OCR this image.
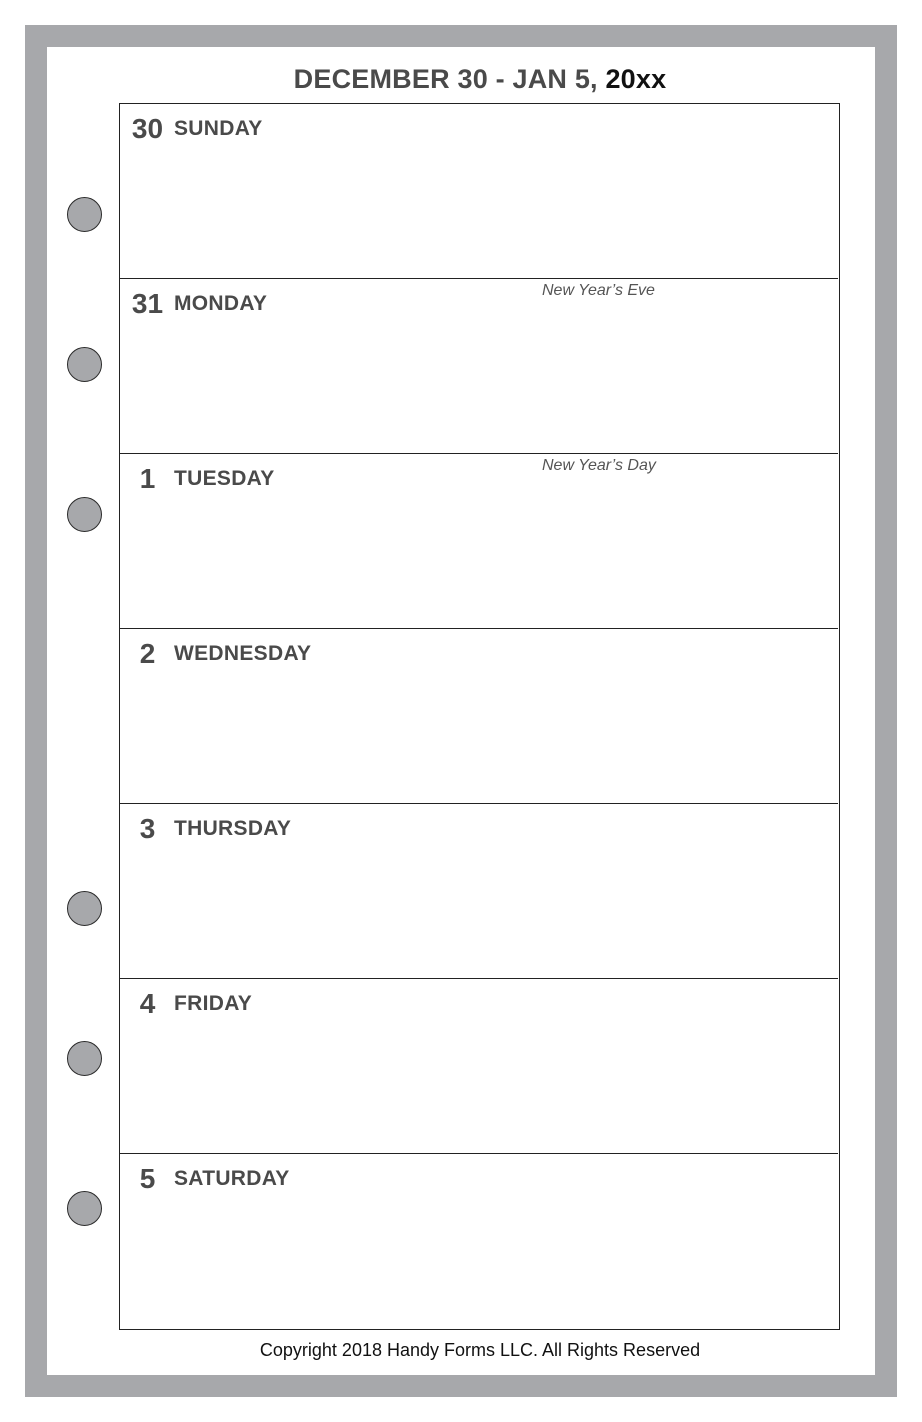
DECEMBER 30 - JAN 5, 20xx
30 SUNDAY
31 MONDAY
New Year’s Eve
1 TUESDAY
New Year’s Day
2 WEDNESDAY
3 THURSDAY
4 FRIDAY
5 SATURDAY
Copyright 2018 Handy Forms LLC. All Rights Reserved
